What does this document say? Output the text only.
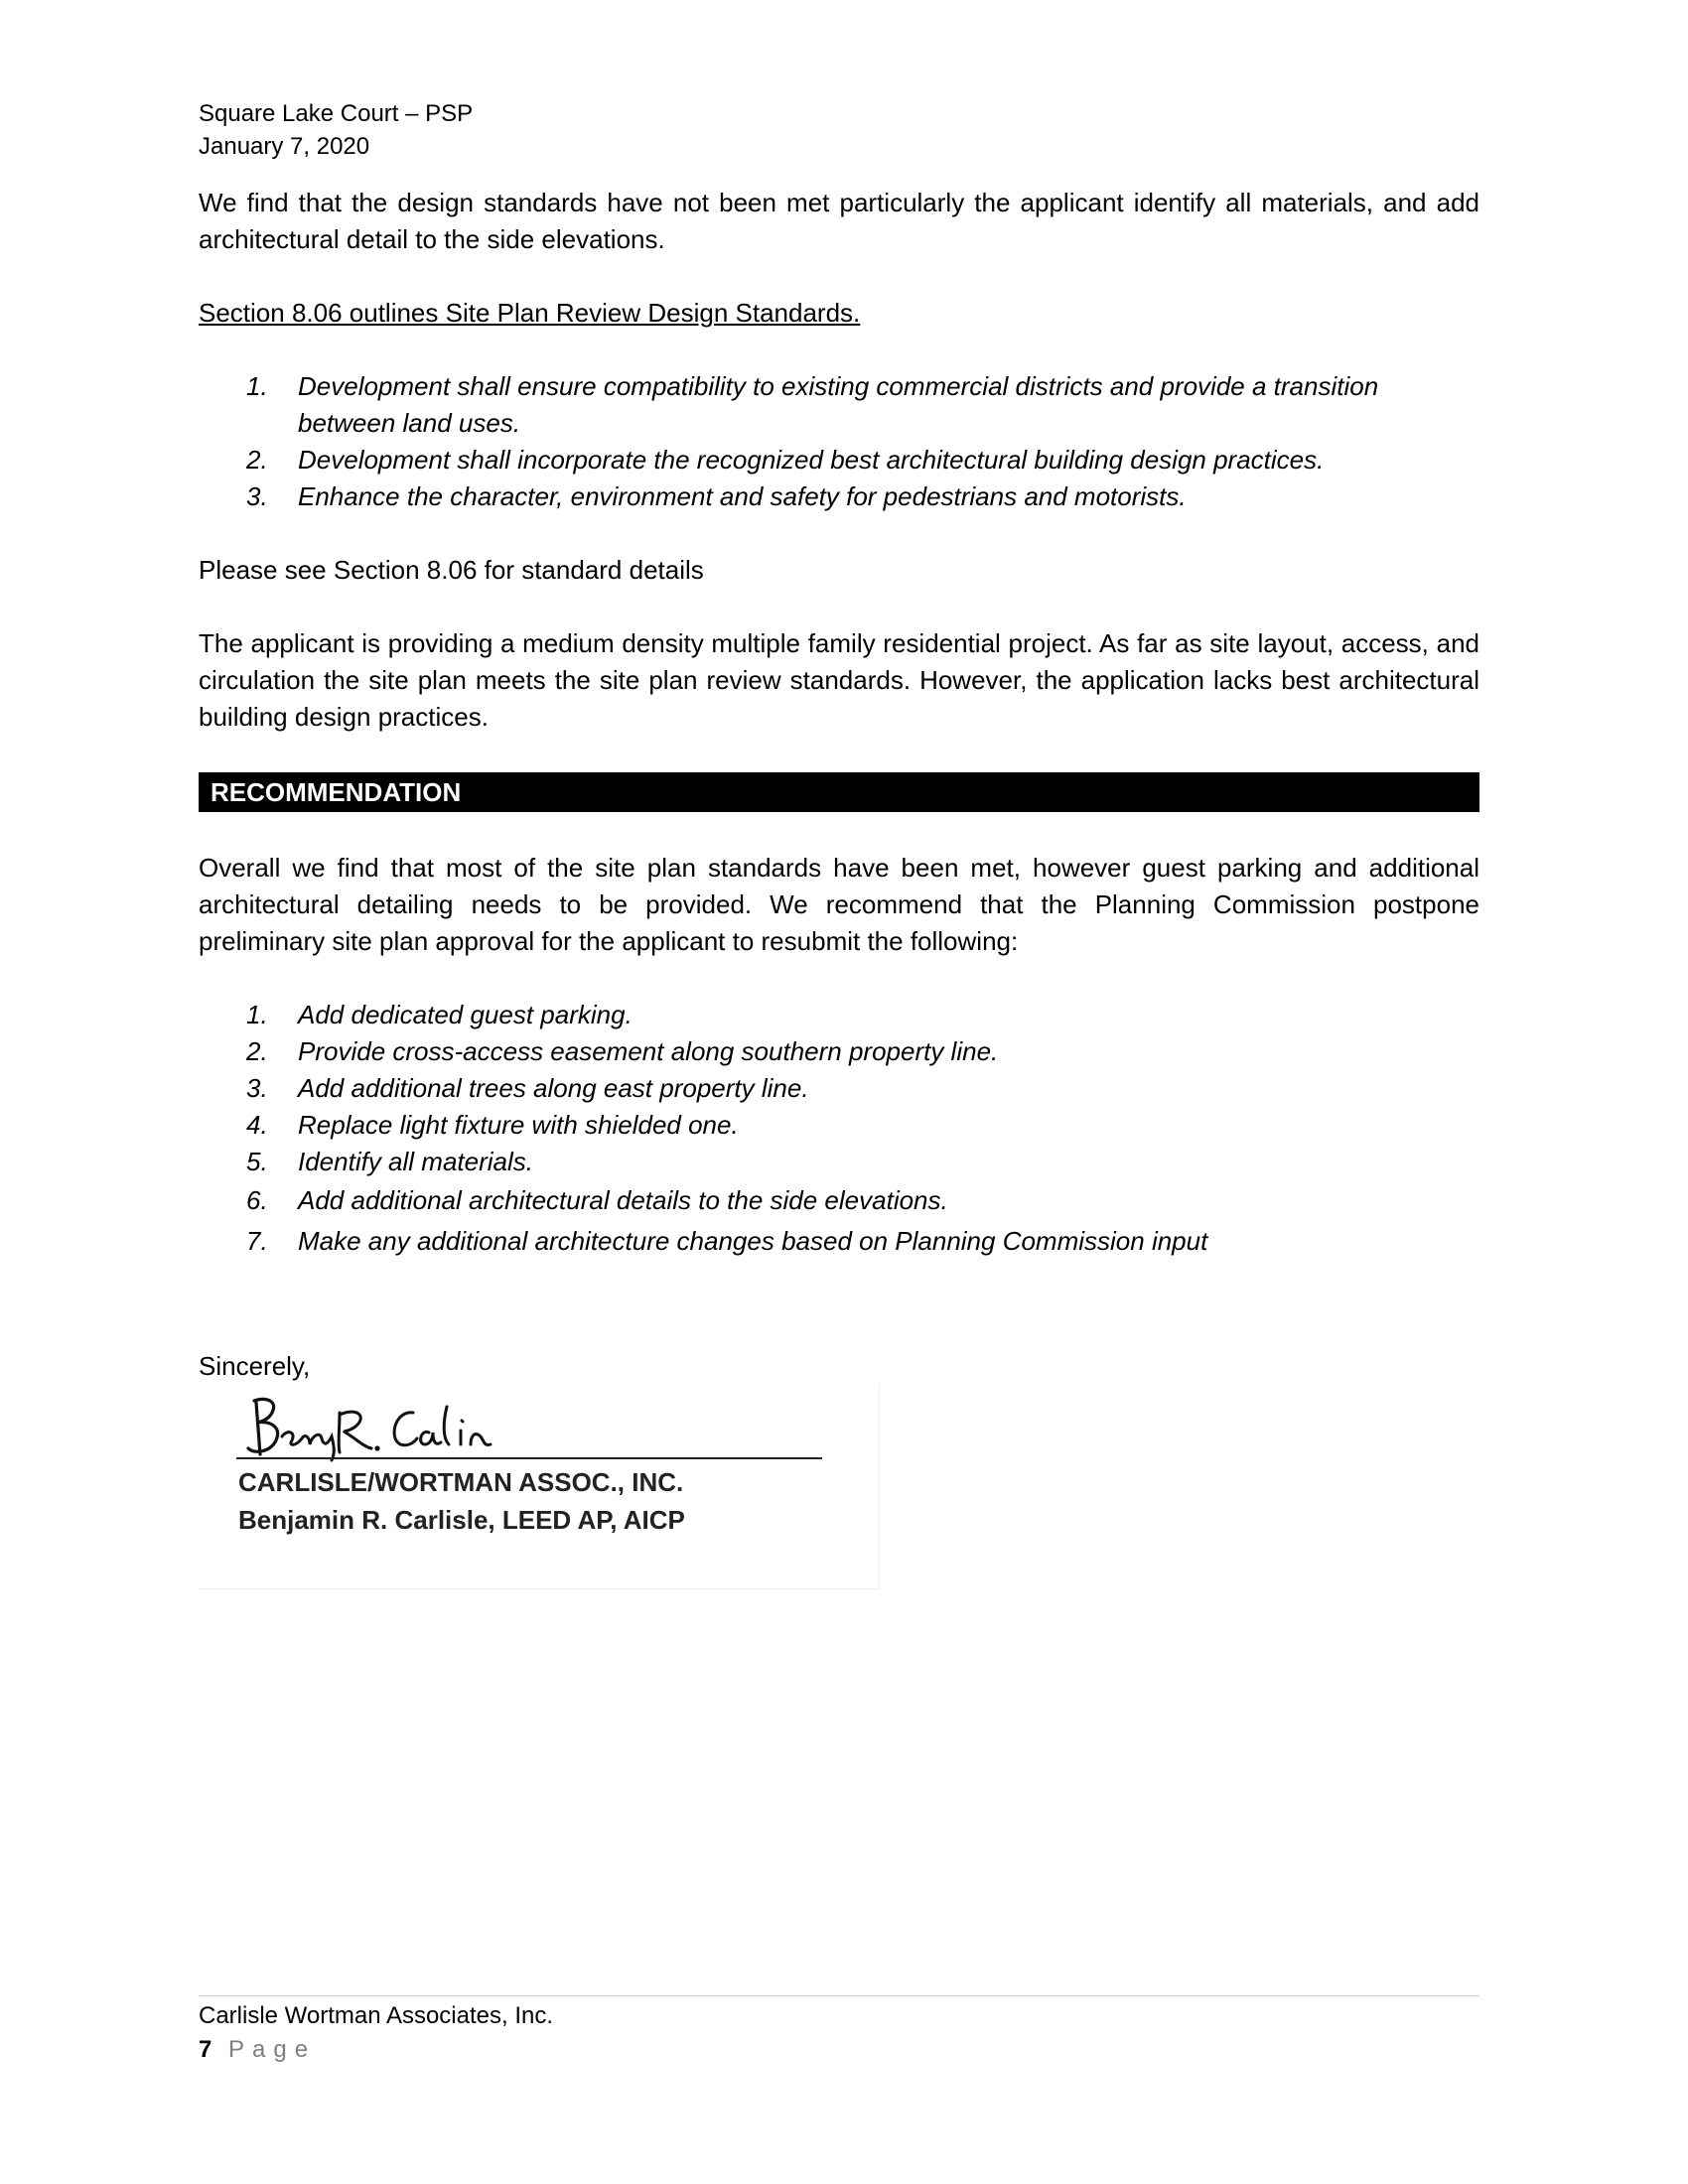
Square Lake Court – PSP
January 7, 2020

We find that the design standards have not been met particularly the applicant identify all materials, and add architectural detail to the side elevations.

Section 8.06 outlines Site Plan Review Design Standards.

1. Development shall ensure compatibility to existing commercial districts and provide a transition between land uses.
2. Development shall incorporate the recognized best architectural building design practices.
3. Enhance the character, environment and safety for pedestrians and motorists.

Please see Section 8.06 for standard details

The applicant is providing a medium density multiple family residential project. As far as site layout, access, and circulation the site plan meets the site plan review standards. However, the application lacks best architectural building design practices.

RECOMMENDATION

Overall we find that most of the site plan standards have been met, however guest parking and additional architectural detailing needs to be provided. We recommend that the Planning Commission postpone preliminary site plan approval for the applicant to resubmit the following:

1. Add dedicated guest parking.
2. Provide cross-access easement along southern property line.
3. Add additional trees along east property line.
4. Replace light fixture with shielded one.
5. Identify all materials.
6. Add additional architectural details to the side elevations.
7. Make any additional architecture changes based on Planning Commission input
Sincerely,
CARLISLE/WORTMAN ASSOC., INC.
Benjamin R. Carlisle, LEED AP, AICP
Carlisle Wortman Associates, Inc.
7 Page
